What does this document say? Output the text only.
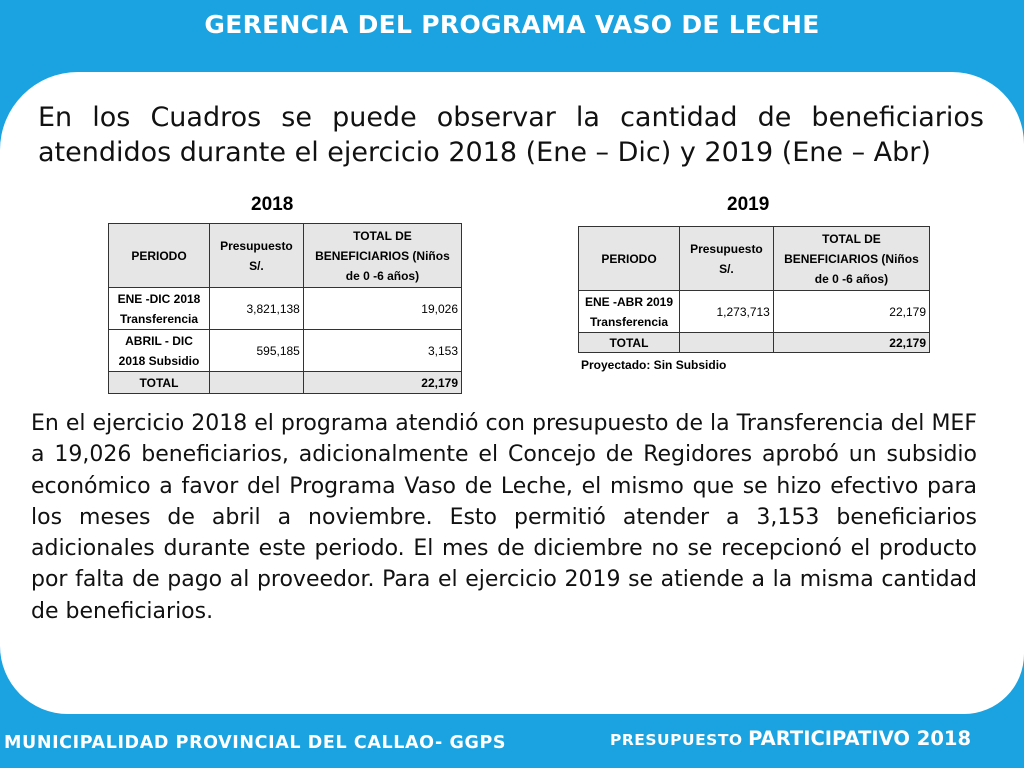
GERENCIA DEL PROGRAMA VASO DE LECHE
En los Cuadros se puede observar la cantidad de beneficiarios atendidos durante el ejercicio 2018 (Ene – Dic) y 2019 (Ene – Abr)
2018
PERIODO	Presupuesto S/.	TOTAL DE BENEFICIARIOS (Niños de 0 -6 años)
ENE -DIC 2018 Transferencia	3,821,138	19,026
ABRIL - DIC 2018 Subsidio	595,185	3,153
TOTAL		22,179
2019
PERIODO	Presupuesto S/.	TOTAL DE BENEFICIARIOS (Niños de 0 -6 años)
ENE -ABR 2019 Transferencia	1,273,713	22,179
TOTAL		22,179
Proyectado: Sin Subsidio
En el ejercicio 2018 el programa atendió con presupuesto de la Transferencia del MEF a 19,026 beneficiarios, adicionalmente el Concejo de Regidores aprobó un subsidio económico a favor del Programa Vaso de Leche, el mismo que se hizo efectivo para los meses de abril a noviembre. Esto permitió atender a 3,153 beneficiarios adicionales durante este periodo. El mes de diciembre no se recepcionó el producto por falta de pago al proveedor. Para el ejercicio 2019 se atiende a la misma cantidad de beneficiarios.
MUNICIPALIDAD PROVINCIAL DEL CALLAO- GGPS	PRESUPUESTO PARTICIPATIVO 2018
